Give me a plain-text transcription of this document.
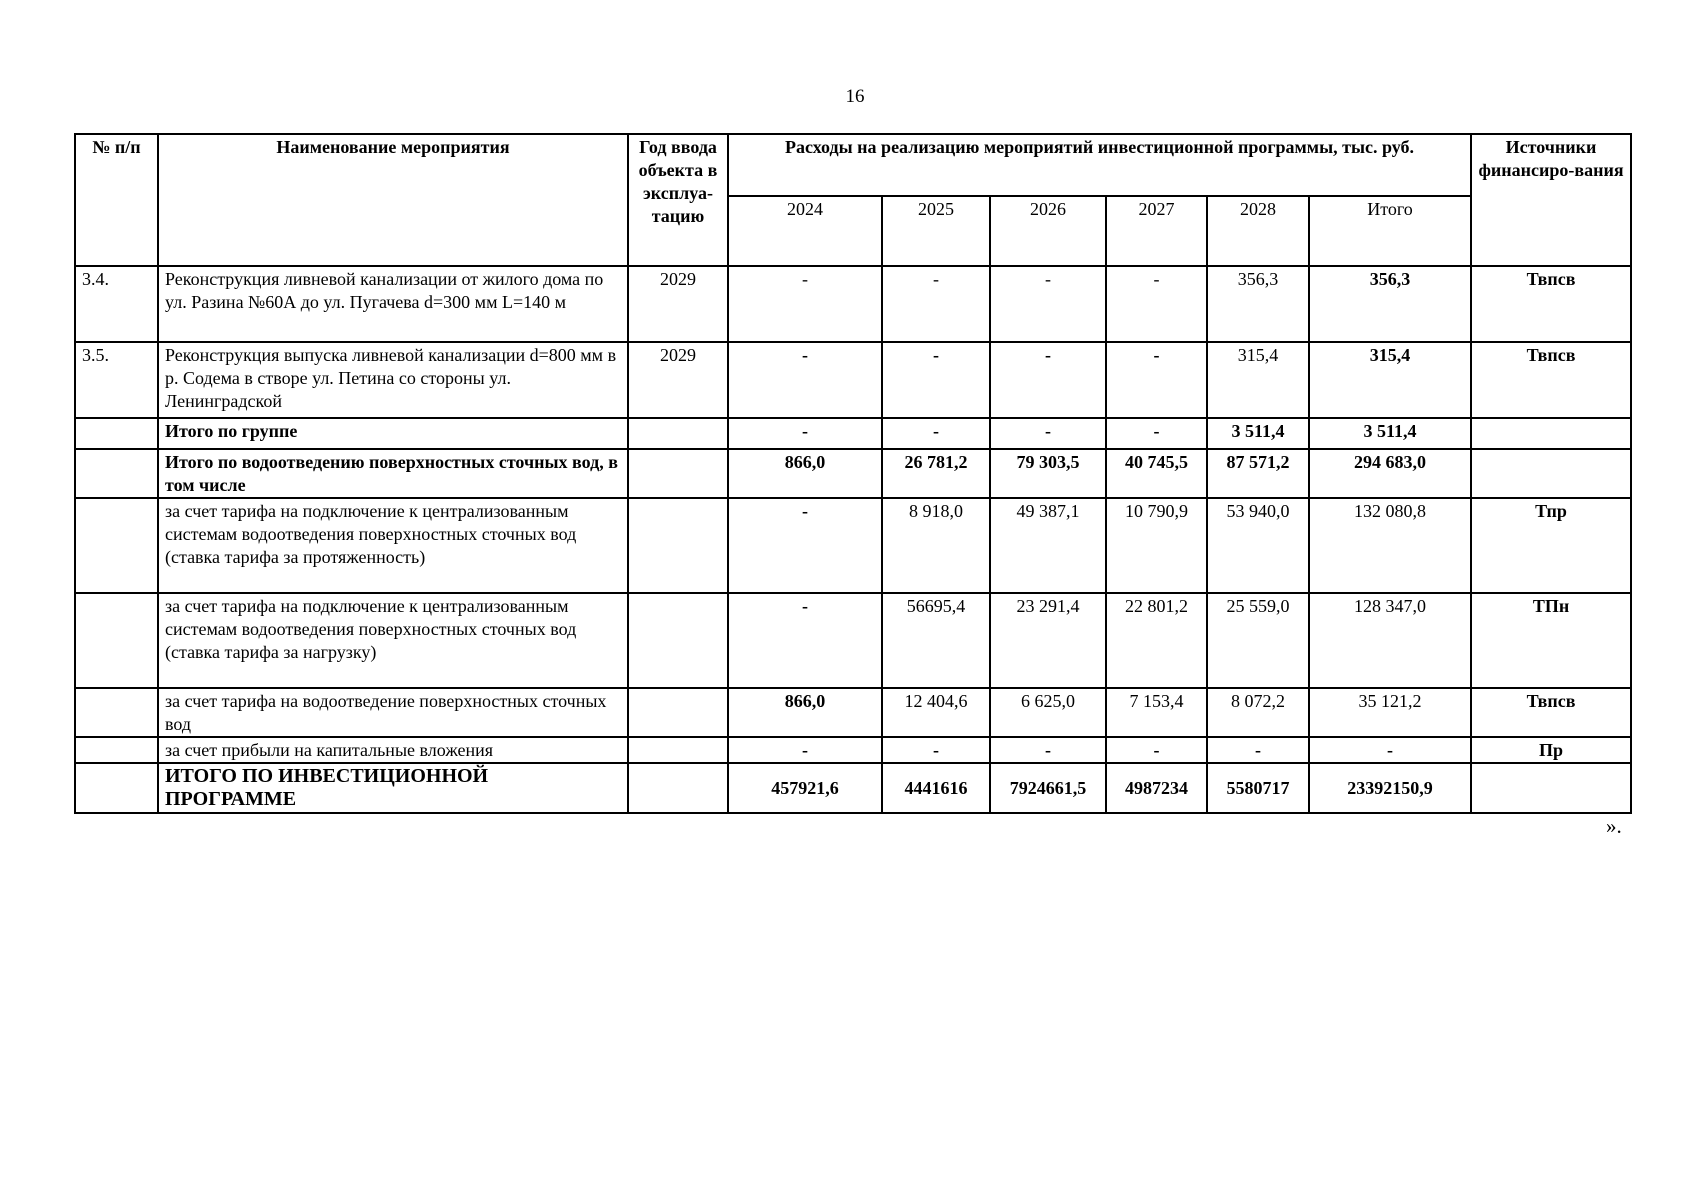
16
№ п/п	Наименование мероприятия	Год ввода объекта в эксплуа-тацию	Расходы на реализацию мероприятий инвестиционной программы, тыс. руб.						Источники финансиро-вания
			2024	2025	2026	2027	2028	Итого	
3.4.	Реконструкция ливневой канализации от жилого дома по ул. Разина №60А до ул. Пугачева d=300 мм L=140 м	2029	-	-	-	-	356,3	356,3	Твпсв
3.5.	Реконструкция выпуска ливневой канализации d=800 мм в р. Содема в створе ул. Петина со стороны ул. Ленинградской	2029	-	-	-	-	315,4	315,4	Твпсв
	Итого по группе		-	-	-	-	3 511,4	3 511,4	
	Итого по водоотведению поверхностных сточных вод, в том числе		866,0	26 781,2	79 303,5	40 745,5	87 571,2	294 683,0	
	за счет тарифа на подключение к централизованным системам водоотведения поверхностных сточных вод (ставка тарифа за протяженность)		-	8 918,0	49 387,1	10 790,9	53 940,0	132 080,8	Тпр
	за счет тарифа на подключение к централизованным системам водоотведения поверхностных сточных вод (ставка тарифа за нагрузку)		-	56695,4	23 291,4	22 801,2	25 559,0	128 347,0	ТПн
	за счет тарифа на водоотведение поверхностных сточных вод		866,0	12 404,6	6 625,0	7 153,4	8 072,2	35 121,2	Твпсв
	за счет прибыли на капитальные вложения		-	-	-	-	-	-	Пр
	ИТОГО ПО ИНВЕСТИЦИОННОЙ ПРОГРАММЕ		457921,6	4441616	7924661,5	4987234	5580717	23392150,9	
».
